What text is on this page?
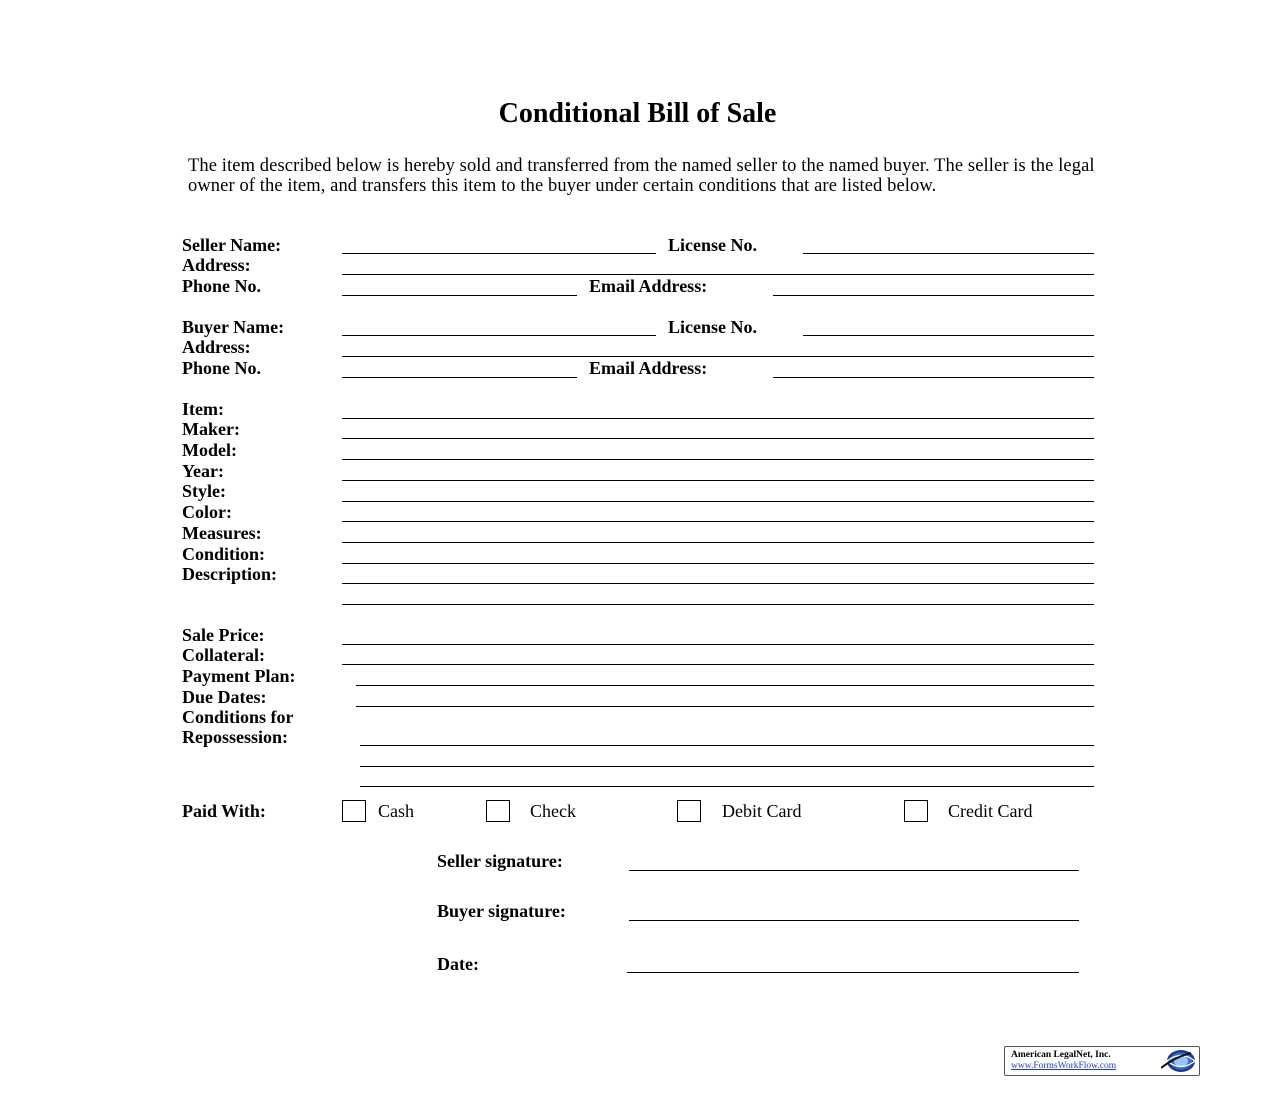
Conditional Bill of Sale
The item described below is hereby sold and transferred from the named seller to the named buyer. The seller is the legal owner of the item, and transfers this item to the buyer under certain conditions that are listed below.
Seller Name:	License No.
Address:
Phone No.	Email Address:
Buyer Name:	License No.
Address:
Phone No.	Email Address:
Item:
Maker:
Model:
Year:
Style:
Color:
Measures:
Condition:
Description:
Sale Price:
Collateral:
Payment Plan:
Due Dates:
Conditions for
Repossession:
Paid With:	Cash	Check	Debit Card	Credit Card
Seller signature:
Buyer signature:
Date:
American LegalNet, Inc.
www.FormsWorkFlow.com
